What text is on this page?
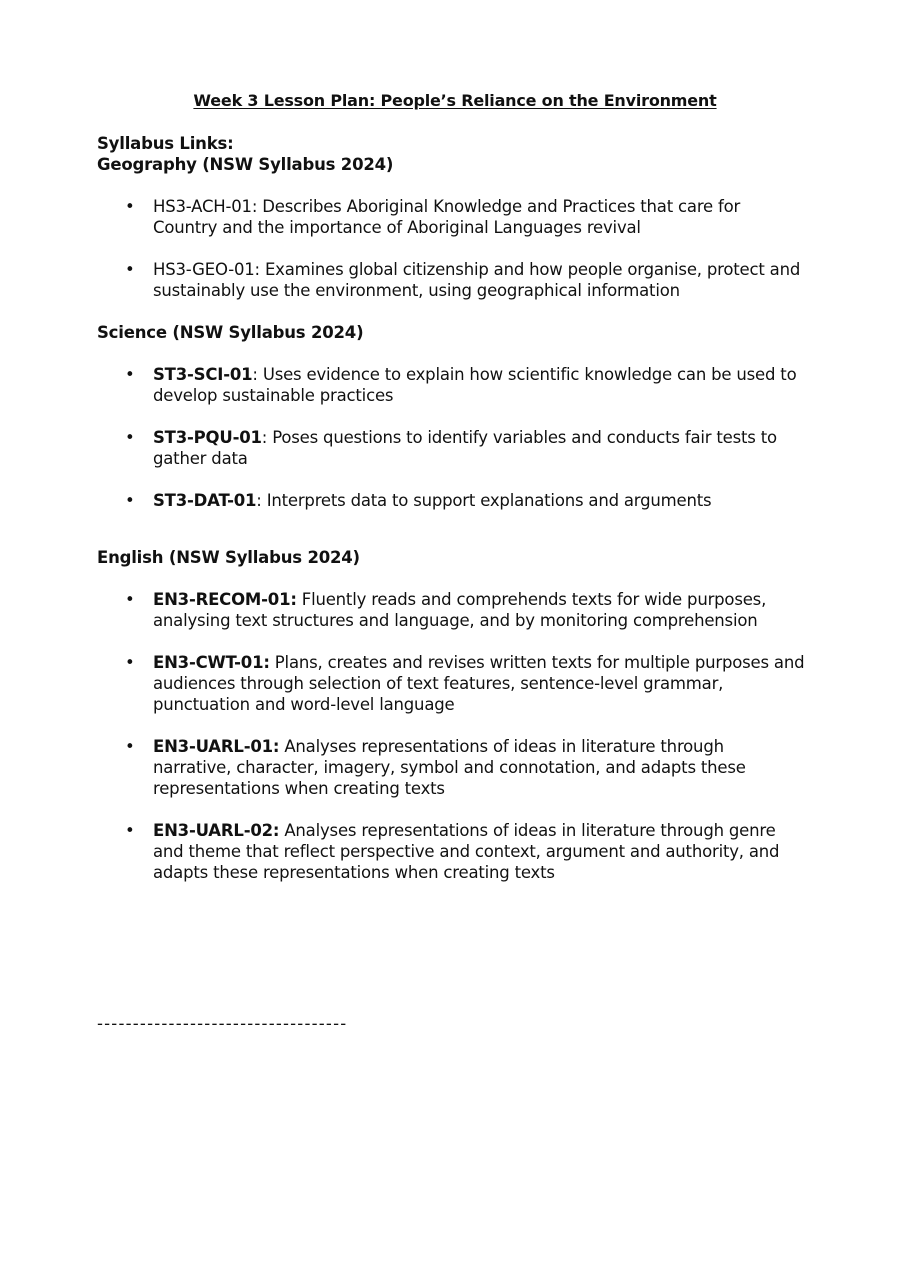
Week 3 Lesson Plan: People’s Reliance on the Environment
Syllabus Links:
Geography (NSW Syllabus 2024)
• HS3-ACH-01: Describes Aboriginal Knowledge and Practices that care for Country and the importance of Aboriginal Languages revival
• HS3-GEO-01: Examines global citizenship and how people organise, protect and sustainably use the environment, using geographical information
Science (NSW Syllabus 2024)
• ST3-SCI-01: Uses evidence to explain how scientific knowledge can be used to develop sustainable practices
• ST3-PQU-01: Poses questions to identify variables and conducts fair tests to gather data
• ST3-DAT-01: Interprets data to support explanations and arguments
English (NSW Syllabus 2024)
• EN3-RECOM-01: Fluently reads and comprehends texts for wide purposes, analysing text structures and language, and by monitoring comprehension
• EN3-CWT-01: Plans, creates and revises written texts for multiple purposes and audiences through selection of text features, sentence-level grammar, punctuation and word-level language
• EN3-UARL-01: Analyses representations of ideas in literature through narrative, character, imagery, symbol and connotation, and adapts these representations when creating texts
• EN3-UARL-02: Analyses representations of ideas in literature through genre and theme that reflect perspective and context, argument and authority, and adapts these representations when creating texts
-----------------------------------
